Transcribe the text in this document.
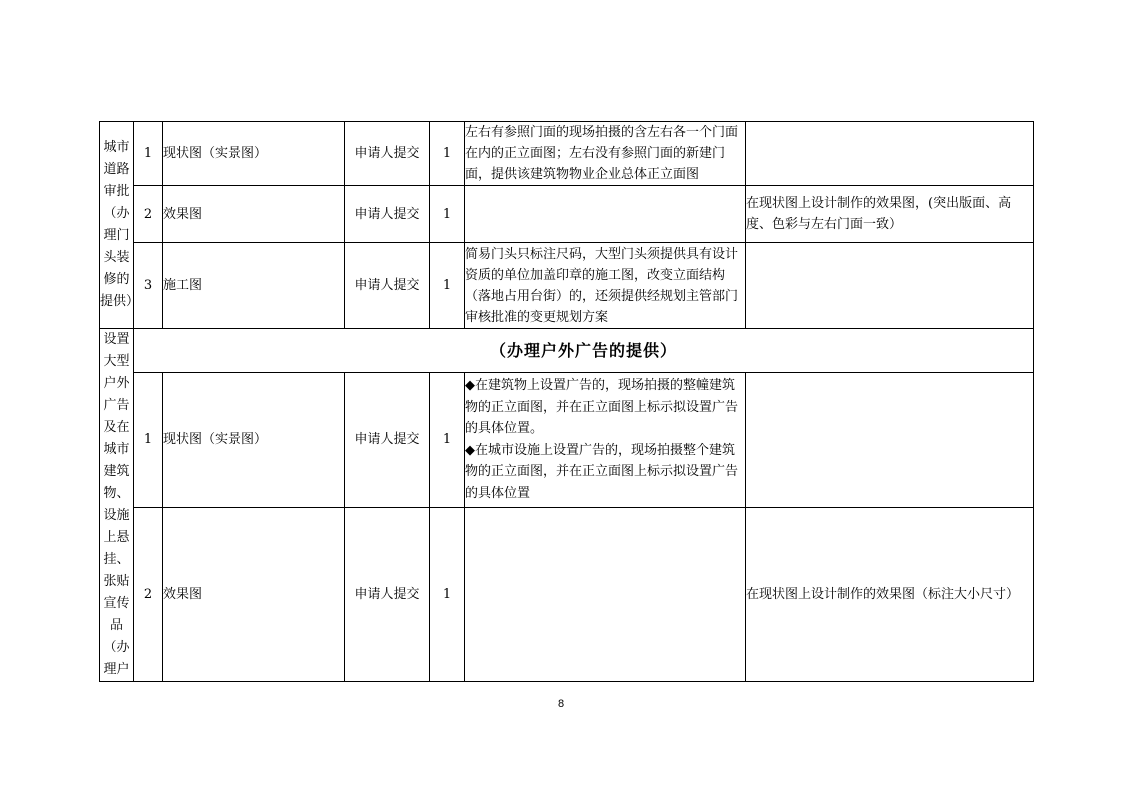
城市道路审批（办理门头装修的提供）	1	现状图（实景图）	申请人提交	1	左右有参照门面的现场拍摄的含左右各一个门面在内的正立面图；左右没有参照门面的新建门面，提供该建筑物物业企业总体正立面图	
	2	效果图	申请人提交	1		在现状图上设计制作的效果图，(突出版面、高度、色彩与左右门面一致）
	3	施工图	申请人提交	1	简易门头只标注尺码，大型门头须提供具有设计资质的单位加盖印章的施工图，改变立面结构（落地占用台街）的，还须提供经规划主管部门审核批准的变更规划方案	
设置大型户外广告及在城市建筑物、设施上悬挂、张贴宣传品（办理户	（办理户外广告的提供）					
	1	现状图（实景图）	申请人提交	1	◆在建筑物上设置广告的，现场拍摄的整幢建筑物的正立面图，并在正立面图上标示拟设置广告的具体位置。
◆在城市设施上设置广告的，现场拍摄整个建筑物的正立面图，并在正立面图上标示拟设置广告的具体位置	

	2	效果图	申请人提交	1		在现状图上设计制作的效果图（标注大小尺寸）
8
